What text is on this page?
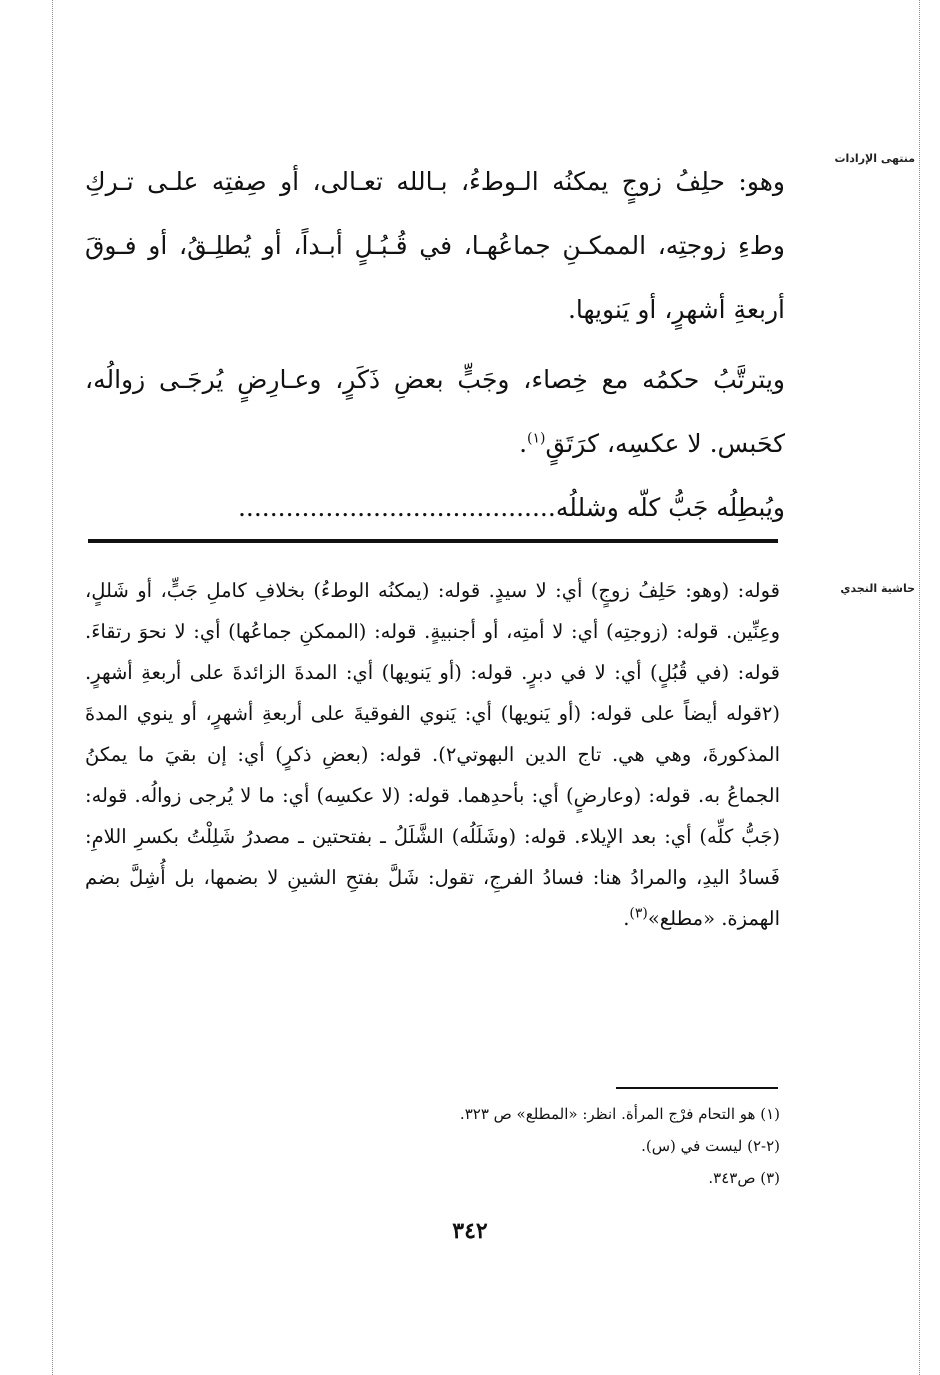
منتهى الإرادات
حاشية النجدي

وهو: حلِفُ زوجٍ يمكنُه الـوطءُ، بـالله تعـالى، أو صِفتِه علـى تـركِ وطءِ زوجتِه، الممكـنِ جماعُهـا، في قُـبُـلٍ أبـداً، أو يُطلِـقُ، أو فـوقَ أربعةِ أشهرٍ، أو يَنويها.

ويترتَّبُ حكمُه مع خِصاء، وجَبٍّ بعضِ ذَكَرٍ، وعـارِضٍ يُرجَـى زوالُه، كحَبس. لا عكسِه، كرَتَقٍ$^{(١)}$.

ويُبطِلُه جَبُّ كلّه وشللُه........................................

قوله: (وهو: حَلِفُ زوجٍ) أي: لا سيدٍ. قوله: (يمكنُه الوطءُ) بخلافِ كاملِ جَبٍّ، أو شَللٍ، وعِنِّين. قوله: (زوجتِه) أي: لا أمتِه، أو أجنبيةٍ. قوله: (الممكنِ جماعُها) أي: لا نحوَ رتقاءَ. قوله: (في قُبُلٍ) أي: لا في دبرٍ. قوله: (أو يَنويها) أي: المدةَ الزائدةَ على أربعةِ أشهرٍ. (٢قوله أيضاً على قوله: (أو يَنويها) أي: يَنوي الفوقيةَ على أربعةِ أشهرٍ، أو ينوي المدةَ المذكورةَ، وهي هي. تاج الدين البهوتي٢). قوله: (بعضِ ذكرٍ) أي: إن بقيَ ما يمكنُ الجماعُ به. قوله: (وعارضٍ) أي: بأحدِهما. قوله: (لا عكسِه) أي: ما لا يُرجى زوالُه. قوله: (جَبُّ كلِّه) أي: بعد الإيلاء. قوله: (وشَلَلُه) الشَّلَلُ ـ بفتحتين ـ مصدرُ شَلِلْتُ بكسرِ اللامِ: فَسادُ اليدِ، والمرادُ هنا: فسادُ الفرجِ، تقول: شَلَّ بفتحِ الشينِ لا بضمها، بل أُشِلَّ بضم الهمزة. «مطلع»$^{(٣)}$.
(١) هو التحام فرْج المرأة. انظر: «المطلع» ص ٣٢٣.
(٢-٢) ليست في (س).
(٣) ص٣٤٣.
٣٤٢
